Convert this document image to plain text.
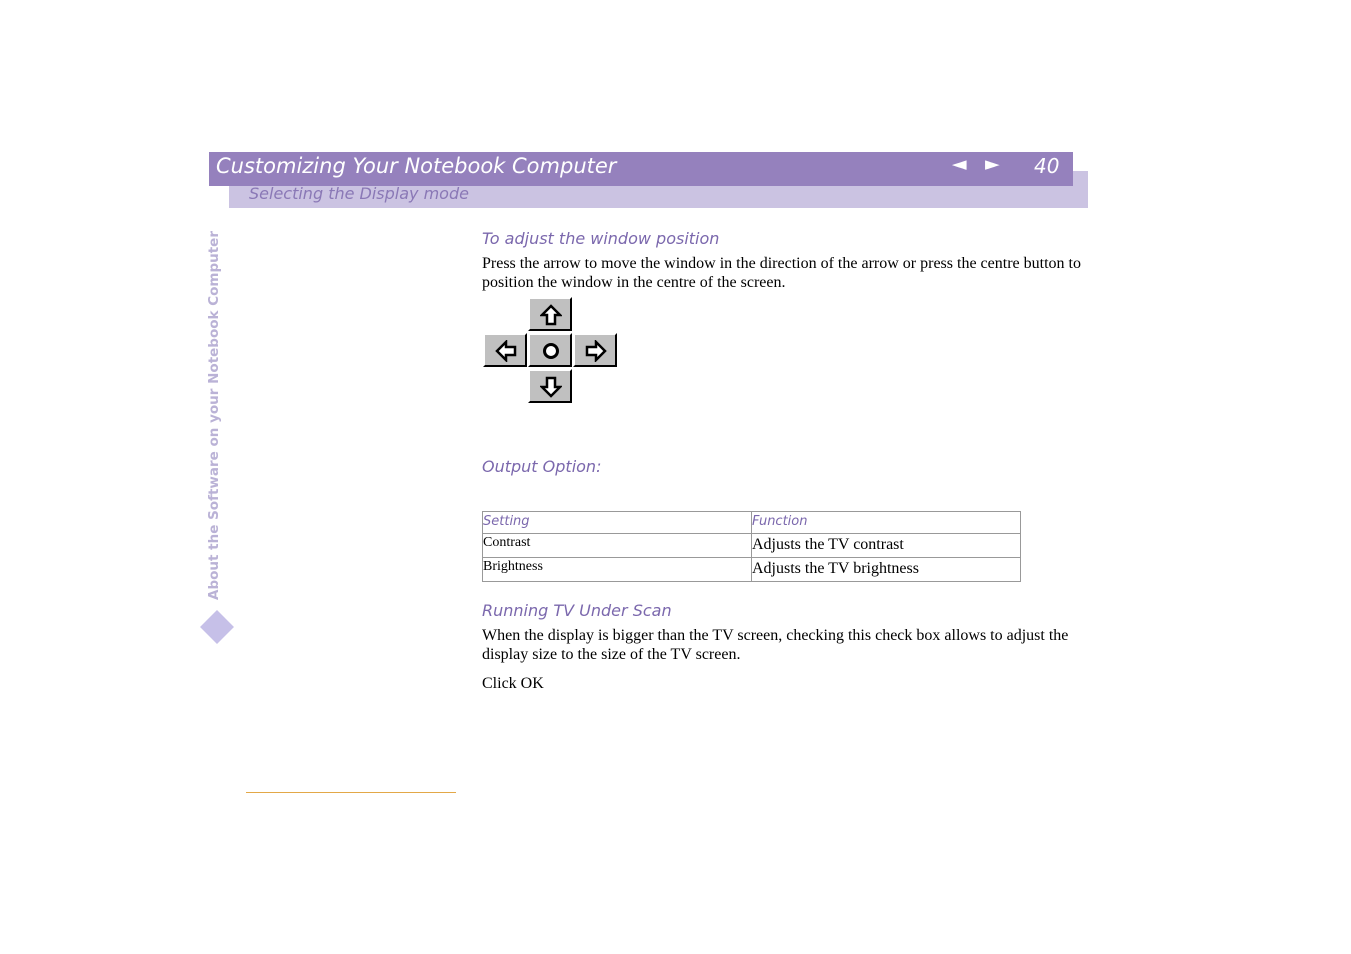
Customizing Your Notebook Computer	◄ ► 40
Selecting the Display mode
About the Software on your Notebook Computer	To adjust the window position
Press the arrow to move the window in the direction of the arrow or press the centre button to position the window in the centre of the screen.
Output Option:
Setting	Function
Contrast	Adjusts the TV contrast
Brightness	Adjusts the TV brightness
Running TV Under Scan
When the display is bigger than the TV screen, checking this check box allows to adjust the display size to the size of the TV screen.
Click OK
